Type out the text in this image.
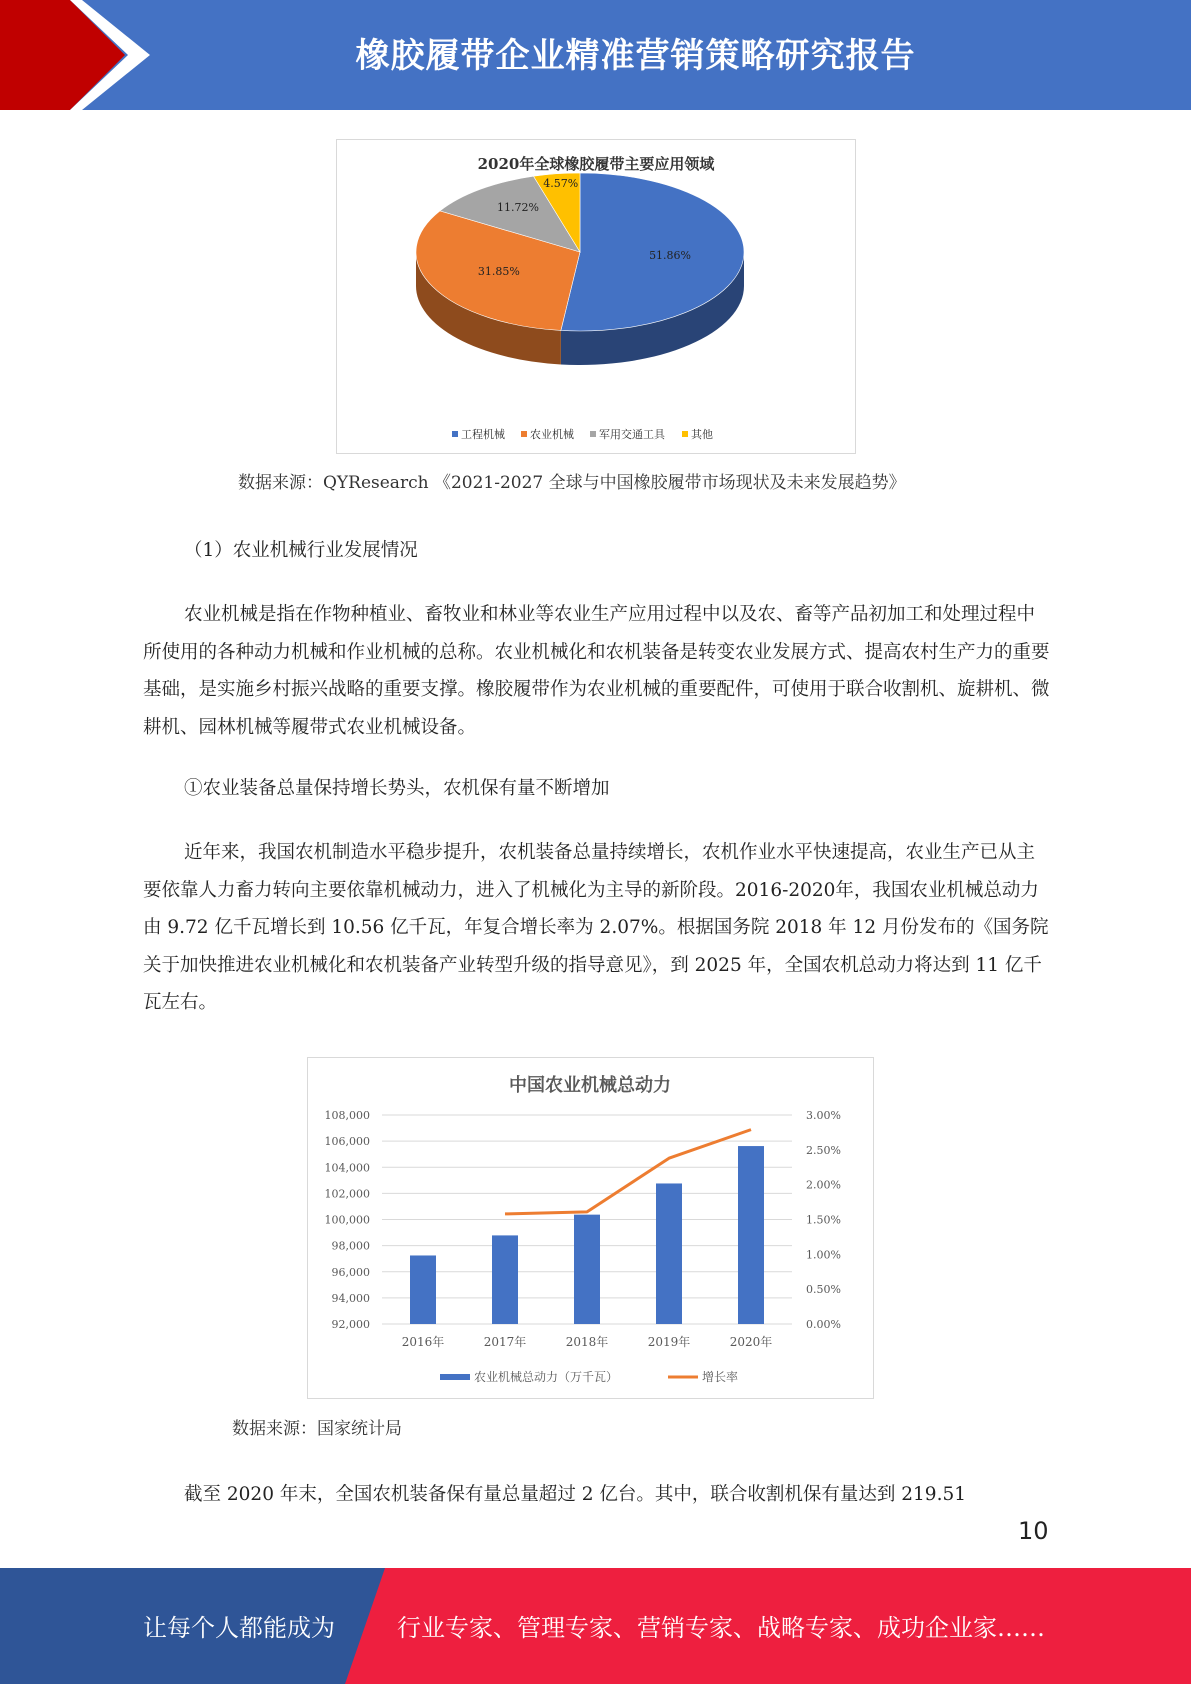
橡胶履带企业精准营销策略研究报告
2020年全球橡胶履带主要应用领域
51.86%
31.85%
11.72%
4.57%
工程机械 农业机械 军用交通工具 其他
数据来源：QYResearch 《2021-2027 全球与中国橡胶履带市场现状及未来发展趋势》
（1）农业机械行业发展情况
农业机械是指在作物种植业、畜牧业和林业等农业生产应用过程中以及农、畜等产品初加工和处理过程中所使用的各种动力机械和作业机械的总称。农业机械化和农机装备是转变农业发展方式、提高农村生产力的重要基础，是实施乡村振兴战略的重要支撑。橡胶履带作为农业机械的重要配件，可使用于联合收割机、旋耕机、微耕机、园林机械等履带式农业机械设备。
①农业装备总量保持增长势头，农机保有量不断增加
近年来，我国农机制造水平稳步提升，农机装备总量持续增长，农机作业水平快速提高，农业生产已从主要依靠人力畜力转向主要依靠机械动力，进入了机械化为主导的新阶段。2016-2020年，我国农业机械总动力由 9.72 亿千瓦增长到 10.56 亿千瓦，年复合增长率为 2.07%。根据国务院 2018 年 12 月份发布的《国务院关于加快推进农业机械化和农机装备产业转型升级的指导意见》，到 2025 年，全国农机总动力将达到 11 亿千瓦左右。
中国农业机械总动力
92,000
94,000
96,000
98,000
100,000
102,000
104,000
106,000
108,000
0.00%
0.50%
1.00%
1.50%
2.00%
2.50%
3.00%
2016年	2017年	2018年	2019年	2020年
农业机械总动力（万千瓦）	增长率
数据来源：国家统计局
截至 2020 年末，全国农机装备保有量总量超过 2 亿台。其中，联合收割机保有量达到 219.51
10
让每个人都能成为	行业专家、管理专家、营销专家、战略专家、成功企业家……
